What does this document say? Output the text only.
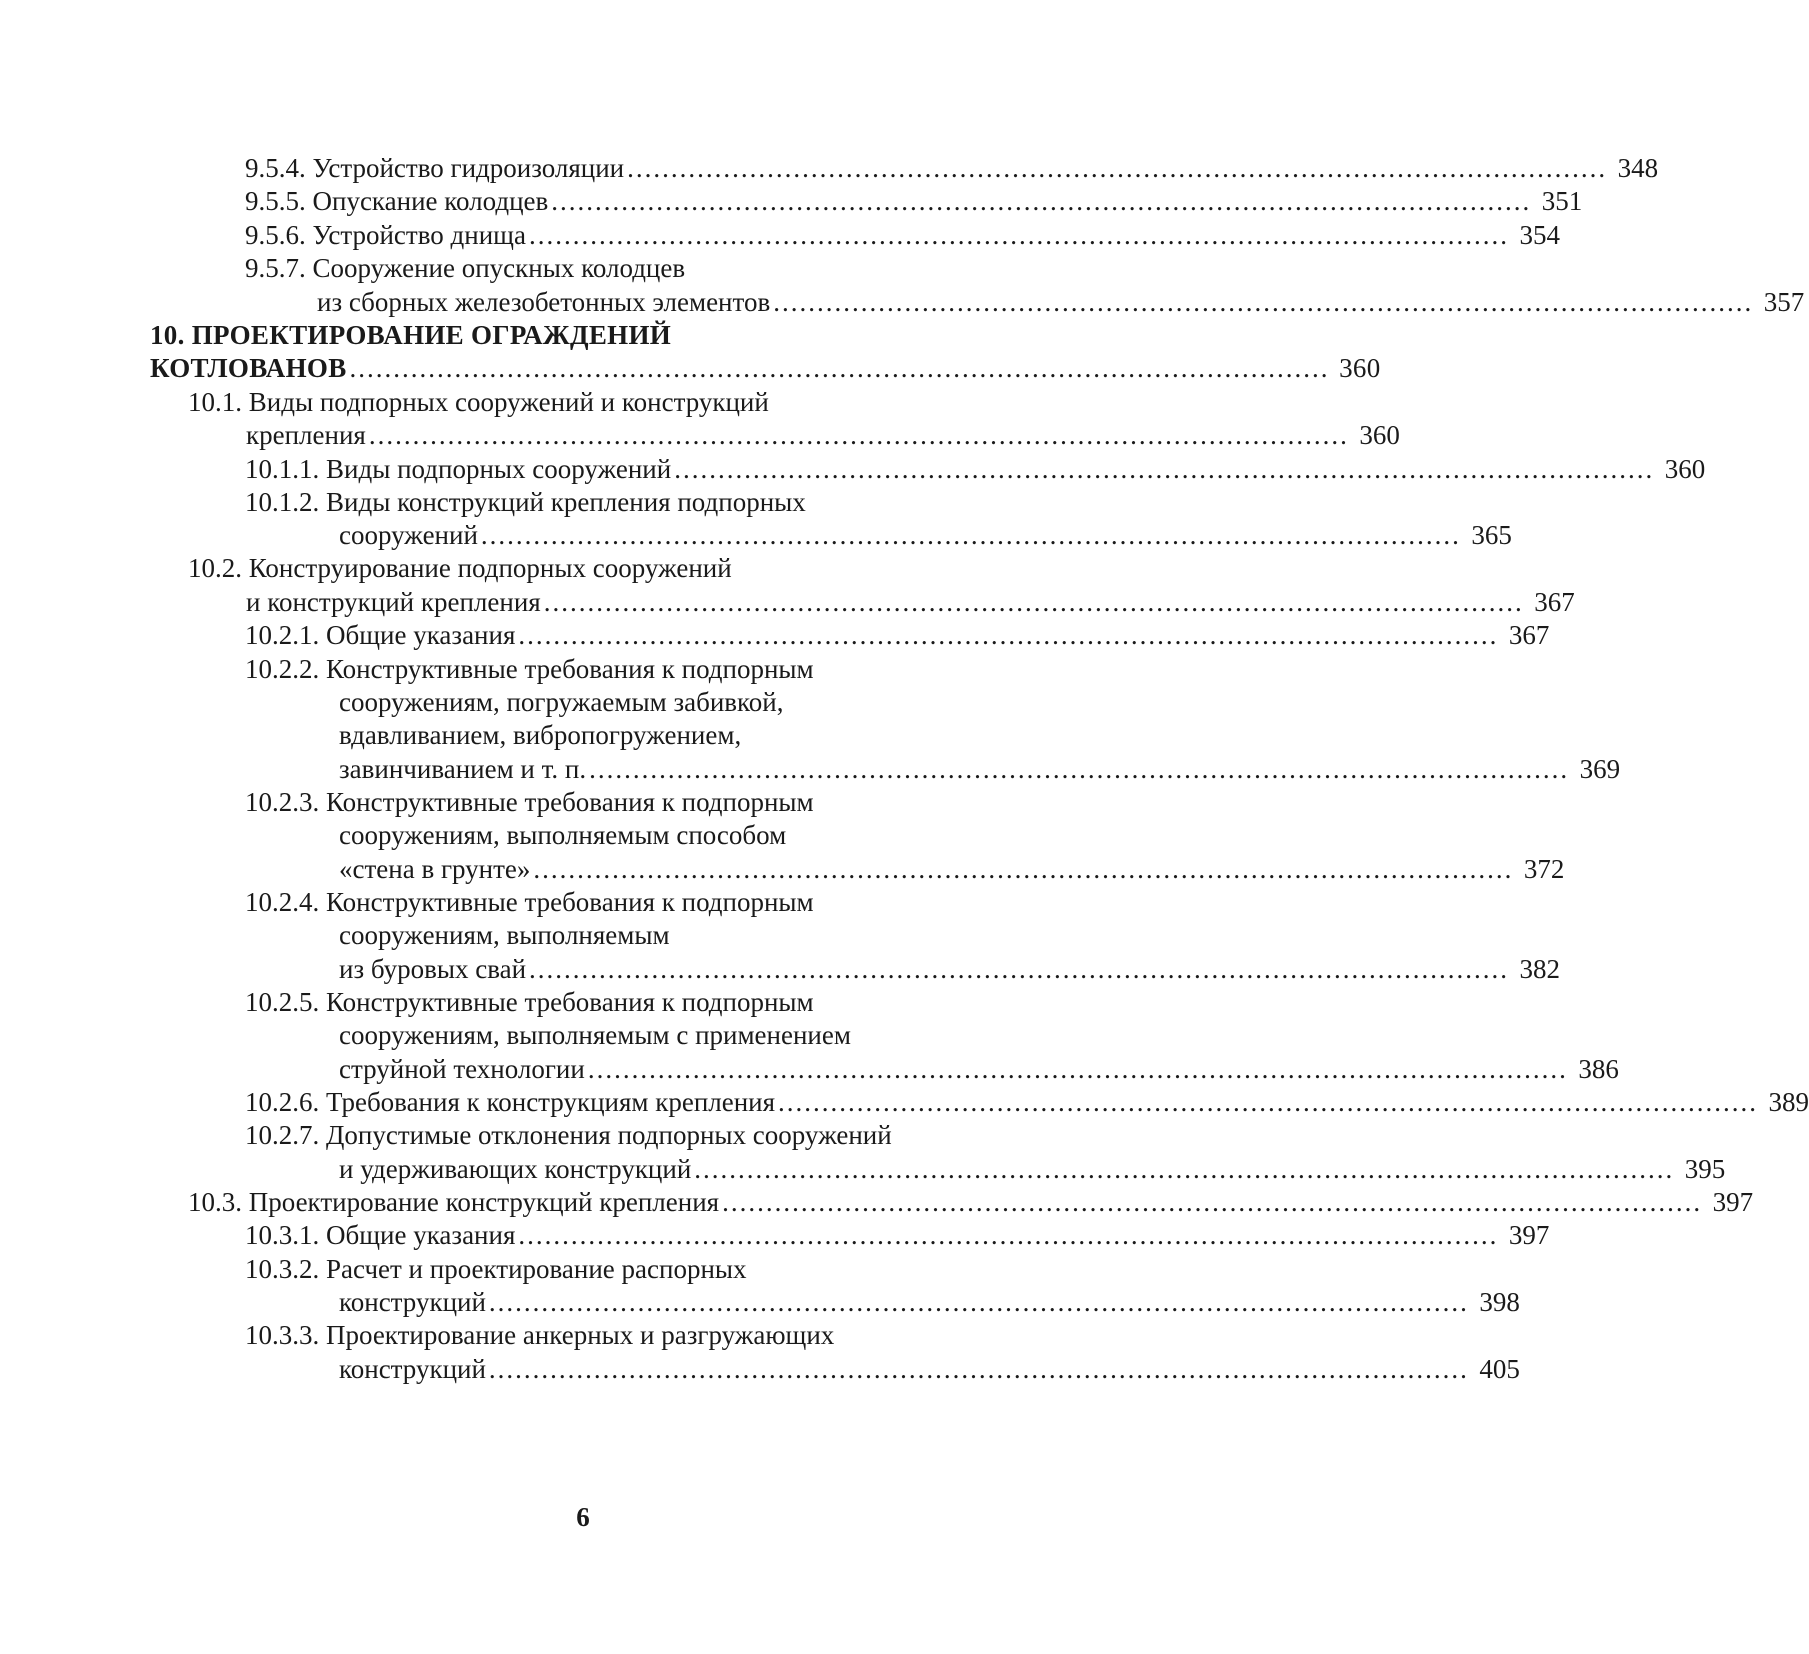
9.5.4. Устройство гидроизоляции ................................................................................................................ 348
9.5.5. Опускание колодцев ................................................................................................................ 351
9.5.6. Устройство днища ................................................................................................................ 354
9.5.7. Сооружение опускных колодцев
из сборных железобетонных элементов ................................................................................................................ 357
10. ПРОЕКТИРОВАНИЕ ОГРАЖДЕНИЙ
КОТЛОВАНОВ ................................................................................................................ 360
10.1. Виды подпорных сооружений и конструкций
крепления ................................................................................................................ 360
10.1.1. Виды подпорных сооружений ................................................................................................................ 360
10.1.2. Виды конструкций крепления подпорных
сооружений ................................................................................................................ 365
10.2. Конструирование подпорных сооружений
и конструкций крепления ................................................................................................................ 367
10.2.1. Общие указания ................................................................................................................ 367
10.2.2. Конструктивные требования к подпорным
сооружениям, погружаемым забивкой,
вдавливанием, вибропогружением,
завинчиванием и т. п. ................................................................................................................ 369
10.2.3. Конструктивные требования к подпорным
сооружениям, выполняемым способом
«стена в грунте» ................................................................................................................ 372
10.2.4. Конструктивные требования к подпорным
сооружениям, выполняемым
из буровых свай ................................................................................................................ 382
10.2.5. Конструктивные требования к подпорным
сооружениям, выполняемым с применением
струйной технологии ................................................................................................................ 386
10.2.6. Требования к конструкциям крепления ................................................................................................................ 389
10.2.7. Допустимые отклонения подпорных сооружений
и удерживающих конструкций ................................................................................................................ 395
10.3. Проектирование конструкций крепления ................................................................................................................ 397
10.3.1. Общие указания ................................................................................................................ 397
10.3.2. Расчет и проектирование распорных
конструкций ................................................................................................................ 398
10.3.3. Проектирование анкерных и разгружающих
конструкций ................................................................................................................ 405
6
